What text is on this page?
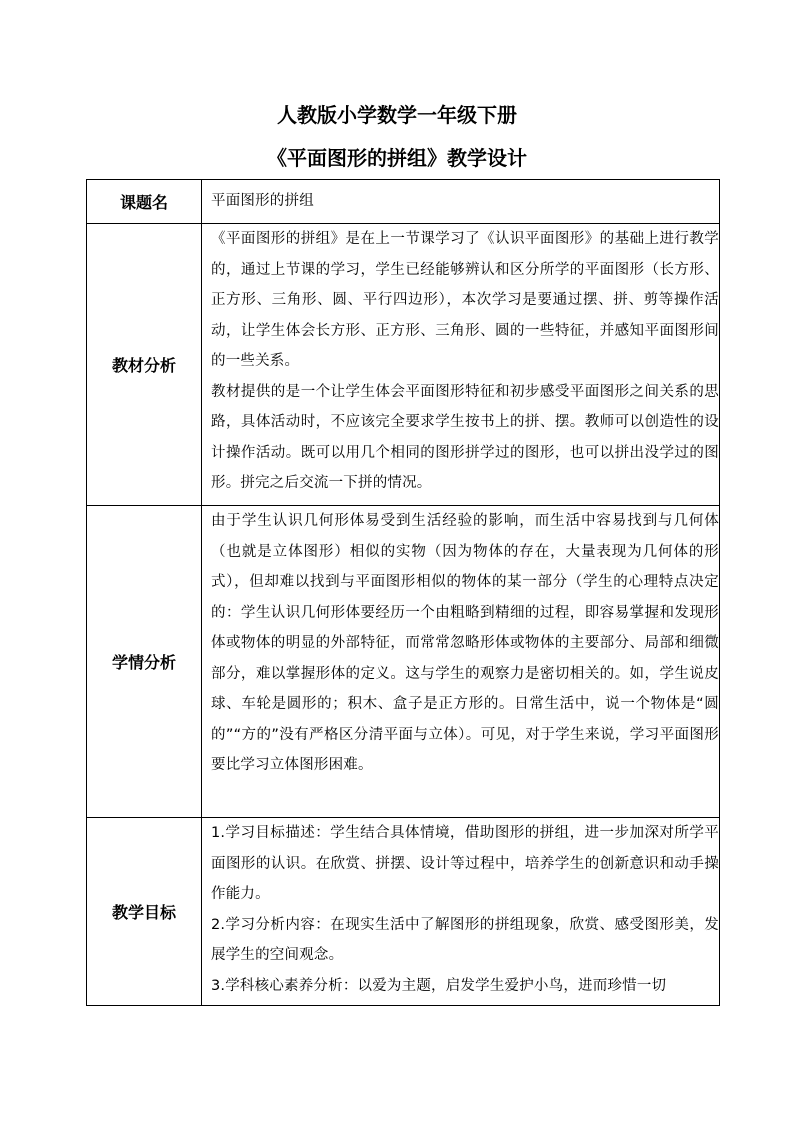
人教版小学数学一年级下册
《平面图形的拼组》教学设计
课题名	平面图形的拼组

教材分析	《平面图形的拼组》是在上一节课学习了《认识平面图形》的基础上进行教学的，通过上节课的学习，学生已经能够辨认和区分所学的平面图形（长方形、正方形、三角形、圆、平行四边形），本次学习是要通过摆、拼、剪等操作活动，让学生体会长方形、正方形、三角形、圆的一些特征，并感知平面图形间的一些关系。

教材提供的是一个让学生体会平面图形特征和初步感受平面图形之间关系的思路，具体活动时，不应该完全要求学生按书上的拼、摆。教师可以创造性的设计操作活动。既可以用几个相同的图形拼学过的图形，也可以拼出没学过的图形。拼完之后交流一下拼的情况。

学情分析	由于学生认识几何形体易受到生活经验的影响，而生活中容易找到与几何体（也就是立体图形）相似的实物（因为物体的存在，大量表现为几何体的形式），但却难以找到与平面图形相似的物体的某一部分（学生的心理特点决定的：学生认识几何形体要经历一个由粗略到精细的过程，即容易掌握和发现形体或物体的明显的外部特征，而常常忽略形体或物体的主要部分、局部和细微部分，难以掌握形体的定义。这与学生的观察力是密切相关的。如，学生说皮球、车轮是圆形的；积木、盒子是正方形的。日常生活中，说一个物体是“圆的”“方的”没有严格区分清平面与立体）。可见，对于学生来说，学习平面图形要比学习立体图形困难。

教学目标	1.学习目标描述：学生结合具体情境，借助图形的拼组，进一步加深对所学平面图形的认识。在欣赏、拼摆、设计等过程中，培养学生的创新意识和动手操作能力。

2.学习分析内容：在现实生活中了解图形的拼组现象，欣赏、感受图形美，发展学生的空间观念。

3.学科核心素养分析：以爱为主题，启发学生爱护小鸟，进而珍惜一切
